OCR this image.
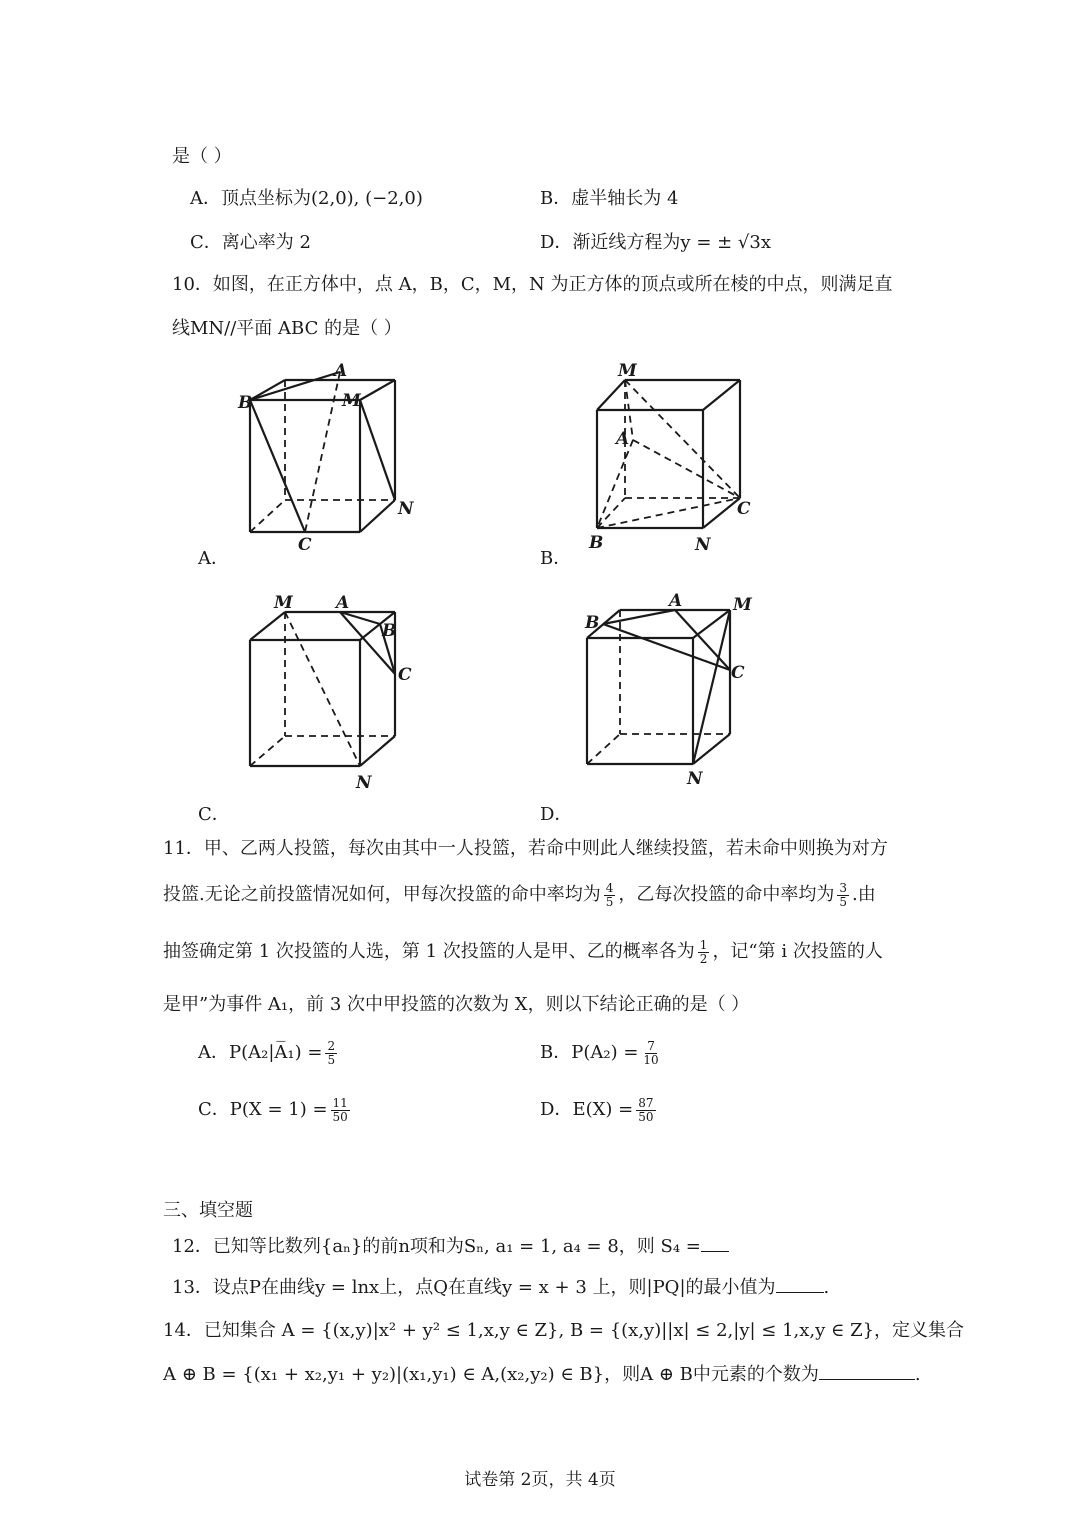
是（ ）
A．顶点坐标为(2,0), (−2,0)	B．虚半轴长为 4
C．离心率为 2	D．渐近线方程为y = ± √3x
10．如图，在正方体中，点 A，B，C，M，N 为正方体的顶点或所在棱的中点，则满足直
线MN//平面 ABC 的是（ ）
A
B	M
N
C
A．
M
A
C
B	N
B．
M	A
B
C
N
C．
B
A	M
C
N
D．
11．甲、乙两人投篮，每次由其中一人投篮，若命中则此人继续投篮，若未命中则换为对方
投篮.无论之前投篮情况如何，甲每次投篮的命中率均为 $\frac{4}{5}$ ，乙每次投篮的命中率均为 $\frac{3}{5}$ .由
抽签确定第 1 次投篮的人选，第 1 次投篮的人是甲、乙的概率各为 $\frac{1}{2}$ ，记“第 i 次投篮的人
是甲”为事件 A₁，前 3 次中甲投篮的次数为 X，则以下结论正确的是（ ）
A．P(A₂|A̅₁) = $\frac{2}{5}$	B．$P(A_2) = \frac{7}{10}$
C．$P(X = 1) = \frac{11}{50}$	D．$E(X) = \frac{87}{50}$
三、填空题
12．已知等比数列{aₙ}的前n项和为Sₙ, a₁ = 1, a₄ = 8，则 S₄ =
13．设点P在曲线y = lnx上，点Q在直线y = x + 3 上，则|PQ|的最小值为	.
14．已知集合 A = {(x,y)|x² + y² ≤ 1,x,y ∈ Z}, B = {(x,y)||x| ≤ 2,|y| ≤ 1,x,y ∈ Z}，定义集合
A ⊕ B = {(x₁ + x₂,y₁ + y₂)|(x₁,y₁) ∈ A,(x₂,y₂) ∈ B}，则A ⊕ B中元素的个数为	.
试卷第 2页，共 4页
